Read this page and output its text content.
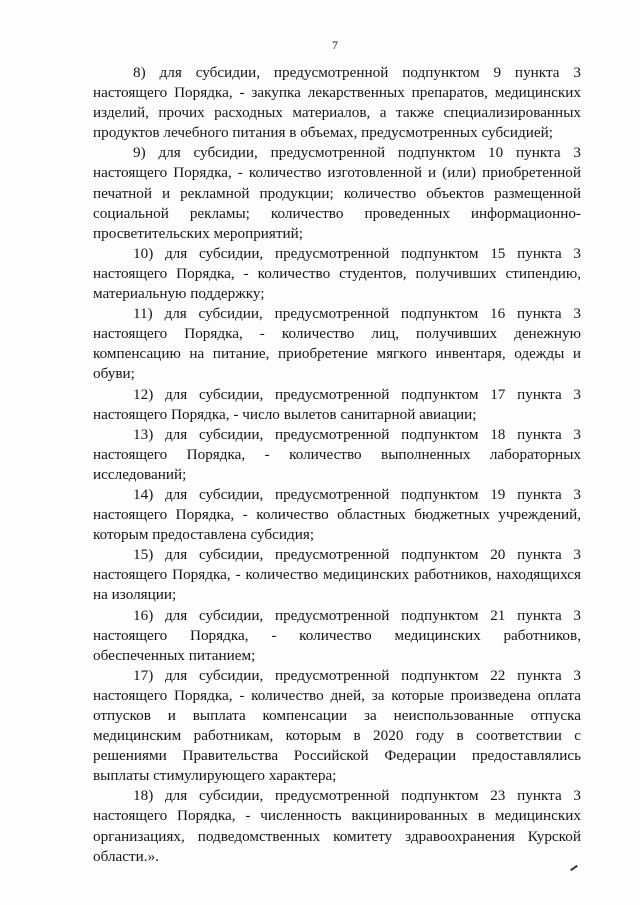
7

8) для субсидии, предусмотренной подпунктом 9 пункта 3 настоящего Порядка, - закупка лекарственных препаратов, медицинских изделий, прочих расходных материалов, а также специализированных продуктов лечебного питания в объемах, предусмотренных субсидией;

9) для субсидии, предусмотренной подпунктом 10 пункта 3 настоящего Порядка, - количество изготовленной и (или) приобретенной печатной и рекламной продукции; количество объектов размещенной социальной рекламы; количество проведенных информационно-просветительских мероприятий;

10) для субсидии, предусмотренной подпунктом 15 пункта 3 настоящего Порядка, - количество студентов, получивших стипендию, материальную поддержку;

11) для субсидии, предусмотренной подпунктом 16 пункта 3 настоящего Порядка, - количество лиц, получивших денежную компенсацию на питание, приобретение мягкого инвентаря, одежды и обуви;

12) для субсидии, предусмотренной подпунктом 17 пункта 3 настоящего Порядка, - число вылетов санитарной авиации;

13) для субсидии, предусмотренной подпунктом 18 пункта 3 настоящего Порядка, - количество выполненных лабораторных исследований;

14) для субсидии, предусмотренной подпунктом 19 пункта 3 настоящего Порядка, - количество областных бюджетных учреждений, которым предоставлена субсидия;

15) для субсидии, предусмотренной подпунктом 20 пункта 3 настоящего Порядка, - количество медицинских работников, находящихся на изоляции;

16) для субсидии, предусмотренной подпунктом 21 пункта 3 настоящего Порядка, - количество медицинских работников, обеспеченных питанием;

17) для субсидии, предусмотренной подпунктом 22 пункта 3 настоящего Порядка, - количество дней, за которые произведена оплата отпусков и выплата компенсации за неиспользованные отпуска медицинским работникам, которым в 2020 году в соответствии с решениями Правительства Российской Федерации предоставлялись выплаты стимулирующего характера;

18) для субсидии, предусмотренной подпунктом 23 пункта 3 настоящего Порядка, - численность вакцинированных в медицинских организациях, подведомственных комитету здравоохранения Курской области.».
